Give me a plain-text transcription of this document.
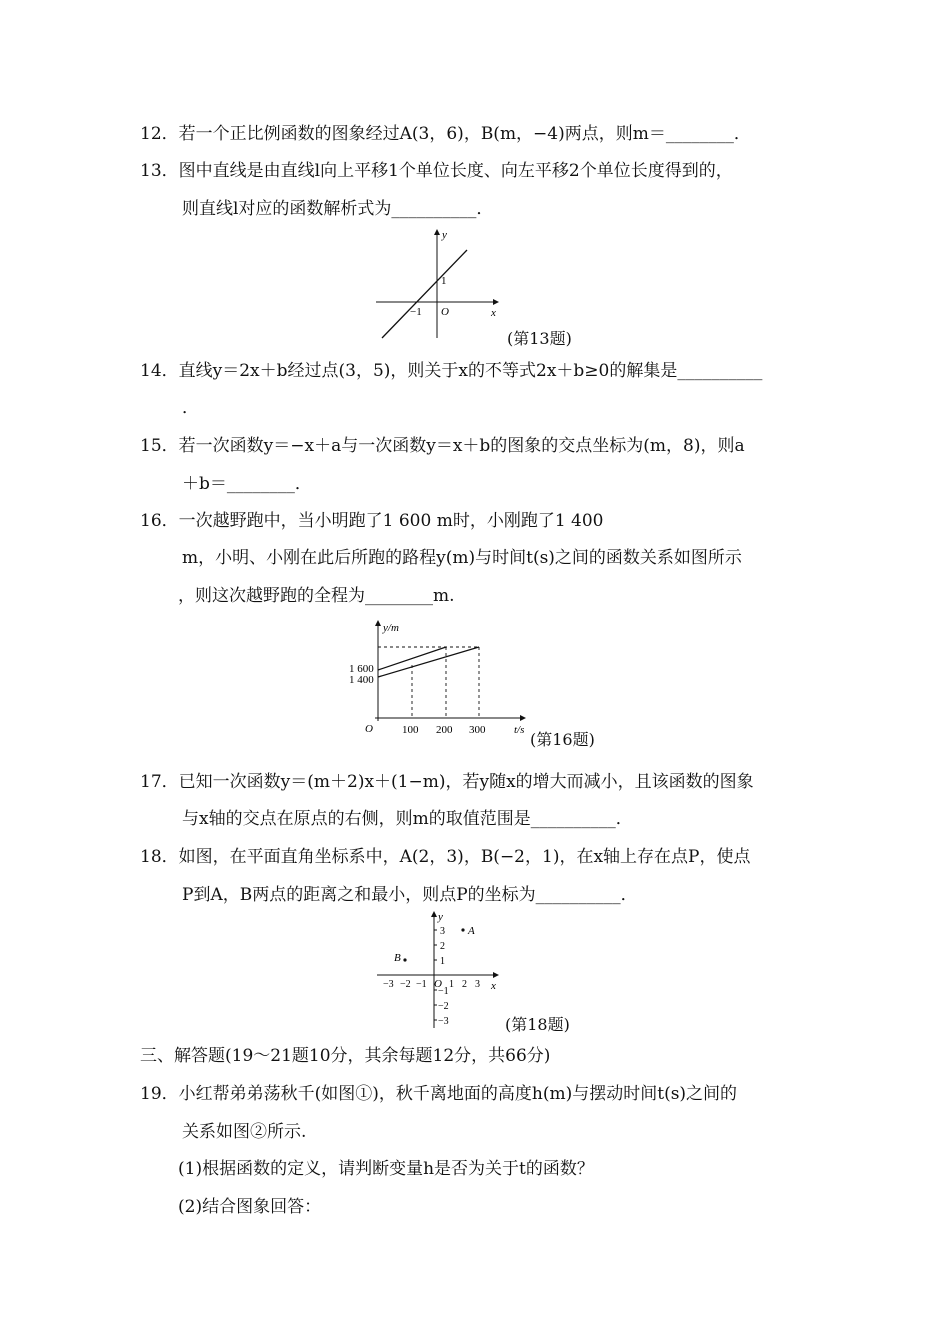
12．若一个正比例函数的图象经过A(3，6)，B(m，−4)两点，则m＝________．
13．图中直线是由直线l向上平移1个单位长度、向左平移2个单位长度得到的，
则直线l对应的函数解析式为__________．
y
x
O
−1
1
(第13题)
14．直线y＝2x＋b经过点(3，5)，则关于x的不等式2x＋b≥0的解集是__________
．
15．若一次函数y＝−x＋a与一次函数y＝x＋b的图象的交点坐标为(m，8)，则a
＋b＝________．
16．一次越野跑中，当小明跑了1 600 m时，小刚跑了1 400
m，小明、小刚在此后所跑的路程y(m)与时间t(s)之间的函数关系如图所示
，则这次越野跑的全程为________m.
y/m
t/s
O
1 600
1 400
100 200 300	(第16题)
17．已知一次函数y＝(m＋2)x＋(1−m)，若y随x的增大而减小，且该函数的图象
与x轴的交点在原点的右侧，则m的取值范围是__________．
18．如图，在平面直角坐标系中，A(2，3)，B(−2，1)，在x轴上存在点P，使点
P到A，B两点的距离之和最小，则点P的坐标为__________．
A
B
y
x
O
−3 −2 −1 1 2 3
3
2
1
−1
−2
−3	(第18题)
三、解答题(19～21题10分，其余每题12分，共66分)
19．小红帮弟弟荡秋千(如图①)，秋千离地面的高度h(m)与摆动时间t(s)之间的
关系如图②所示.
(1)根据函数的定义，请判断变量h是否为关于t的函数？
(2)结合图象回答：
